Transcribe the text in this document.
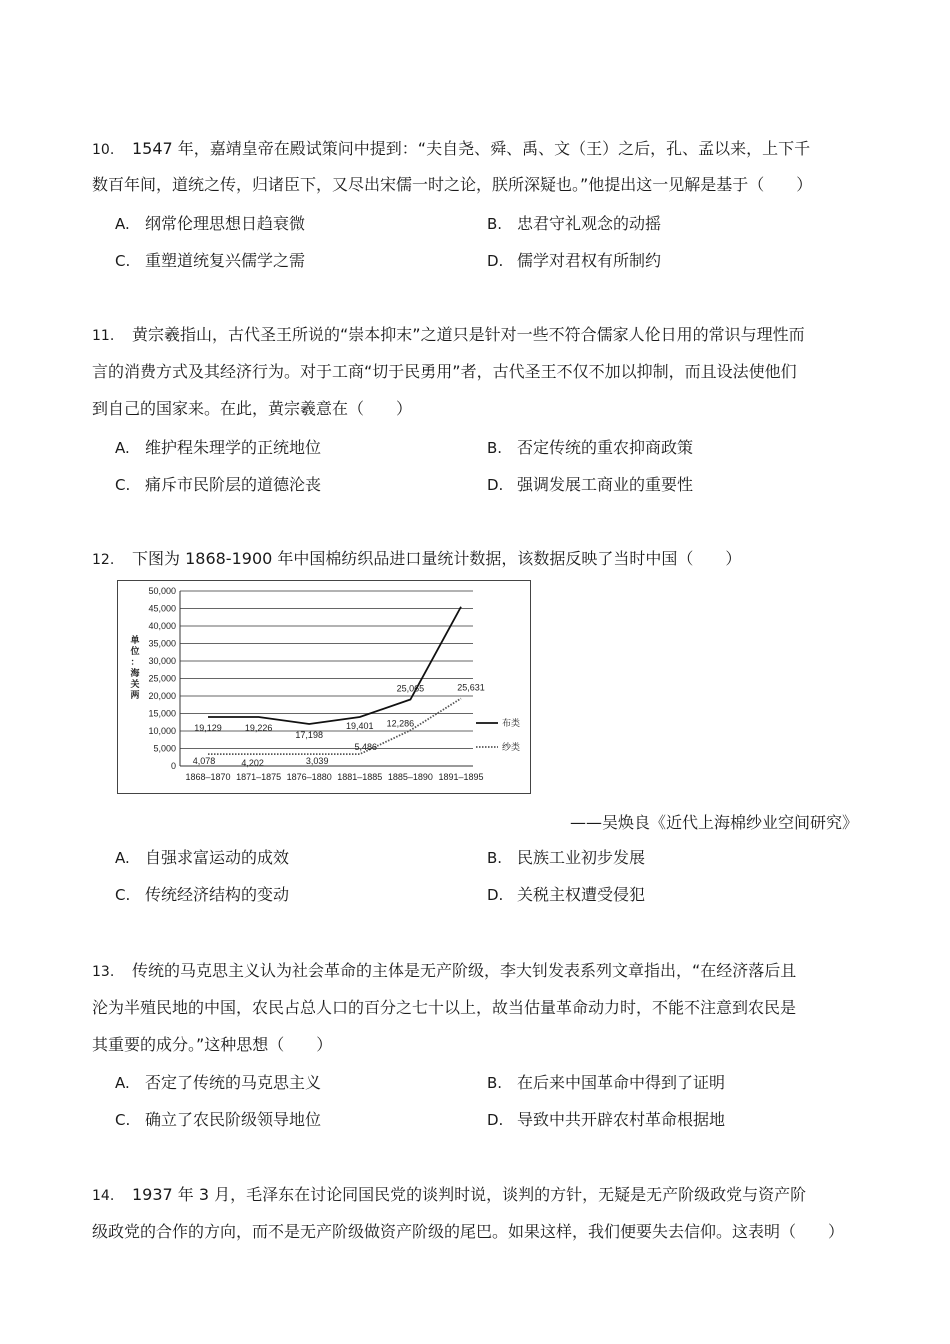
10. 1547 年，嘉靖皇帝在殿试策问中提到：“夫自尧、舜、禹、文（王）之后，孔、孟以来，上下千
数百年间，道统之传，归诸臣下，又尽出宋儒一时之论，朕所深疑也。”他提出这一见解是基于（　　）
A. 纲常伦理思想日趋衰微	B. 忠君守礼观念的动摇
C. 重塑道统复兴儒学之需	D. 儒学对君权有所制约
11. 黄宗羲指山，古代圣王所说的“崇本抑末”之道只是针对一些不符合儒家人伦日用的常识与理性而
言的消费方式及其经济行为。对于工商“切于民勇用”者，古代圣王不仅不加以抑制，而且设法使他们
到自己的国家来。在此，黄宗羲意在（　　）
A. 维护程朱理学的正统地位	B. 否定传统的重农抑商政策
C. 痛斥市民阶层的道德沦丧	D. 强调发展工商业的重要性
12. 下图为 1868-1900 年中国棉纺织品进口量统计数据，该数据反映了当时中国（　　）
0
5,000
10,000
15,000
20,000
25,000
30,000
35,000
40,000
45,000
50,000
单
位
：
海
关
两
1868–1870 1871–1875 1876–1880 1881–1885 1885–1890 1891–1895
19,129	19,226
17,198
19,401
25,065
4,078	4,202	3,039
5,486
12,286
25,631
布类
纱类
——吴焕良《近代上海棉纱业空间研究》
A. 自强求富运动的成效	B. 民族工业初步发展
C. 传统经济结构的变动	D. 关税主权遭受侵犯
13. 传统的马克思主义认为社会革命的主体是无产阶级，李大钊发表系列文章指出，“在经济落后且
沦为半殖民地的中国，农民占总人口的百分之七十以上，故当估量革命动力时，不能不注意到农民是
其重要的成分。”这种思想（　　）
A. 否定了传统的马克思主义	B. 在后来中国革命中得到了证明
C. 确立了农民阶级领导地位	D. 导致中共开辟农村革命根据地
14. 1937 年 3 月，毛泽东在讨论同国民党的谈判时说，谈判的方针，无疑是无产阶级政党与资产阶
级政党的合作的方向，而不是无产阶级做资产阶级的尾巴。如果这样，我们便要失去信仰。这表明（　　）
